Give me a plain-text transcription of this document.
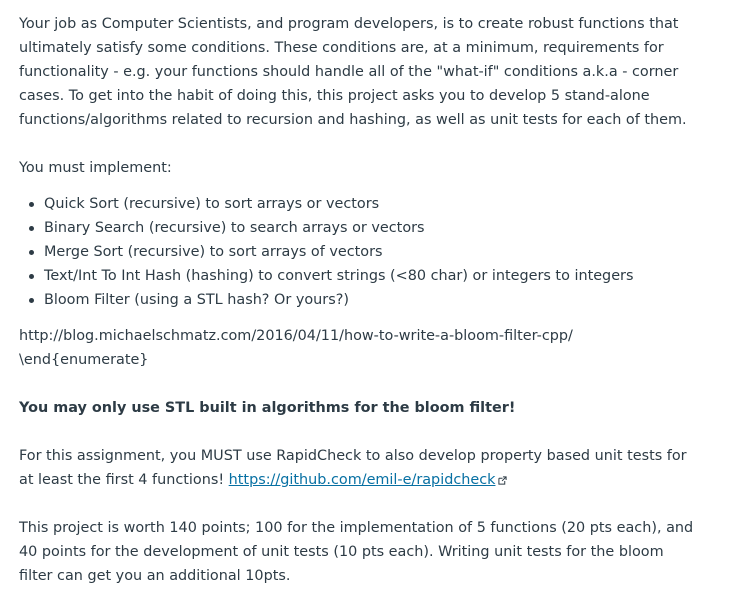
Your job as Computer Scientists, and program developers, is to create robust functions that ultimately satisfy some conditions. These conditions are, at a minimum, requirements for functionality - e.g. your functions should handle all of the "what-if" conditions a.k.a - corner cases. To get into the habit of doing this, this project asks you to develop 5 stand-alone functions/algorithms related to recursion and hashing, as well as unit tests for each of them.

You must implement:

Quick Sort (recursive) to sort arrays or vectors
Binary Search (recursive) to search arrays or vectors
Merge Sort (recursive) to sort arrays of vectors
Text/Int To Int Hash (hashing) to convert strings (<80 char) or integers to integers
Bloom Filter (using a STL hash? Or yours?)
http://blog.michaelschmatz.com/2016/04/11/how-to-write-a-bloom-filter-cpp/
\end{enumerate}

You may only use STL built in algorithms for the bloom filter!

For this assignment, you MUST use RapidCheck to also develop property based unit tests for at least the first 4 functions! https://github.com/emil-e/rapidcheck

This project is worth 140 points; 100 for the implementation of 5 functions (20 pts each), and 40 points for the development of unit tests (10 pts each). Writing unit tests for the bloom filter can get you an additional 10pts.
